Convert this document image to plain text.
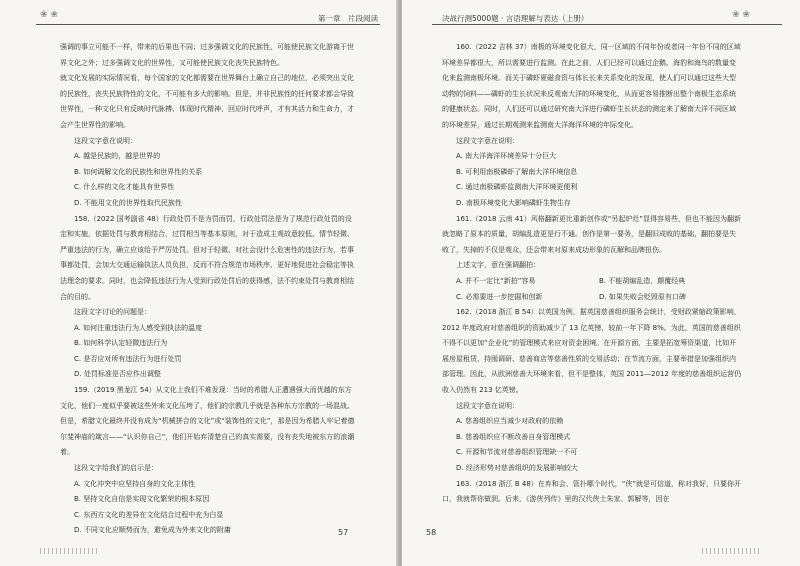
❀ ❀	第一章　片段阅读

强调的事立可能不一样，带来的后果也不同；过多强调文化的民族性，可能使民族文化游离于世界文化之外；过多强调文化的世界性，又可能使民族文化丧失民族特色。

就文化发展的实际情况看，每个国家的文化都需要在世界舞台上确立自己的地位，必须突出文化的民族性，丧失民族特性的文化，不可能有多大的影响。但是，并非民族性的任何要求都会导致世界性，一种文化只有反映时代脉搏、体现时代精神、回应时代呼声，才有其活力和生命力，才会产生世界性的影响。

这段文字意在说明：

A. 越是民族的，越是世界的

B. 如何调解文化的民族性和世界性的关系

C. 什么样的文化才能具有世界性

D. 不能用文化的世界性取代民族性

158.（2022 国考副省 48）行政处罚不是为罚而罚，行政处罚法是为了规范行政处罚的设定和实施，依据处罚与教育相结合，过罚相当等基本原则，对于造成主观故意较低、情节轻微、严重违法的行为，确立应该给予严厉处罚。但对于轻微、对社会没什么危害性的违法行为，若事事都处罚，会加大交通运输执法人员负担，反而不符合规范市场秩序、更好地促进社会稳定等执法理念的要求。同时，也会降低违法行为人受到行政处罚后的获得感，法不约束处罚与教育相结合的目的。

这段文字讨论的问题是：

A. 如何注重违法行为人感受到执法的温度

B. 如何科学认定轻微违法行为

C. 是否应对所有违法行为进行处罚

D. 处罚标准是否应作出调整

159.（2019 黑龙江 54）从文化上我们不难发现：当时的希腊人正遭遇强大而优越的东方文化，他们一度似乎要被这些外来文化压垮了，他们的宗教几乎就是各种东方宗教的一场混战。但是，希腊文化最终并没有成为“机械拼合的文化”或“装饰性的文化”，那是因为希腊人牢记着德尔斐神庙的箴言——“认识你自己”，他们开始弃清楚自己的真实需要，没有丧失地被东方的浪潮着。

这段文字给我们的启示是：

A. 文化冲突中应坚持自身的文化主体性

B. 坚持文化自信是实现文化繁荣的根本原因

C. 东西方文化的差异在文化结合过程中充为白显

D. 不同文化应顺势而为，避免成为外来文化的附庸	57
决战行测5000题 · 言语理解与表达（上册）	❀ ❀

160.（2022 吉林 37）南极的环境变化很大，同一区域的不同年份或者同一年份不同的区域环境差异都很大，所以需要进行监测。在此之前，人们已经可以通过企鹅、海豹和海鸟的数量变化来监测南极环境。而关于磷虾夏磁食资与体长长来关系变化的发现，使人们可以通过这些大型动物的饲料——磷虾的生长状况来反观南大洋的环境变化，从而更容易推断出整个南极生态系统的健康状态。同时，人们还可以通过研究南大洋进行磷虾生长状态的测定来了解南大洋不同区域的环境差异，通过长期观测来监测南大洋海洋环境的年际变化。

这段文字意在说明：

A. 南大洋海洋环境差异十分巨大

B. 可利用南极磷虾了解南大洋环境信息

C. 通过南极磷虾监测南大洋环境更便利

D. 南极环境变化大影响磷虾生物生存

161.（2018 云南 41）风格翻新更比重新创作或“另起炉灶”显得容易些，但也不能因为翻新就忽略了原本的质量，胡编乱造更是行不通。创作是第一要务，是翻旧成败的基础，翻拍要是失败了，失掉的不仅是观众，还会带来对原来成功形象的瓦解和品牌扭伤。

上述文字，意在强调翻拍：

A. 并不一定比“新拍”容易	B. 不能胡编乱造，颠覆经典

C. 必需要进一步挖掘和创新	D. 如果失败会贬毁原有口碑

162.（2018 浙江 B 54）以英国为例，据英国慈善组织服务会统计，受财政紧缩政策影响，2012 年度政府对慈善组织的资助减少了 13 亿英镑，较前一年下降 8%。为此，英国的慈善组织不得不以更加“企业化”的管理模式来应对资金困境。在开源方面，主要是拓宽筹资渠道，比如开展房屋租赁、持囤调研、慈善商店等慈善性质的交易活动；在节流方面，主要举措是加强组织内部管理。因此，从欧洲慈善大环境来看，但不是整体，英国 2011—2012 年度的慈善组织运营仍收入仍然有 213 亿英镑。

这段文字意在说明：

A. 慈善组织应当减少对政府的依赖

B. 慈善组织应不断改善自身管理模式

C. 开源和节流对慈善组织管理缺一不可

D. 经济形势对慈善组织的发展影响较大

163.（2018 浙江 B 48）在弃和会、管扑哪个时代，“侠”就是可信道，称对我好，只要你开口，我就帮你做到。后来，《游侠列传》里的汉代侠士朱家、郭解等，因在

58
